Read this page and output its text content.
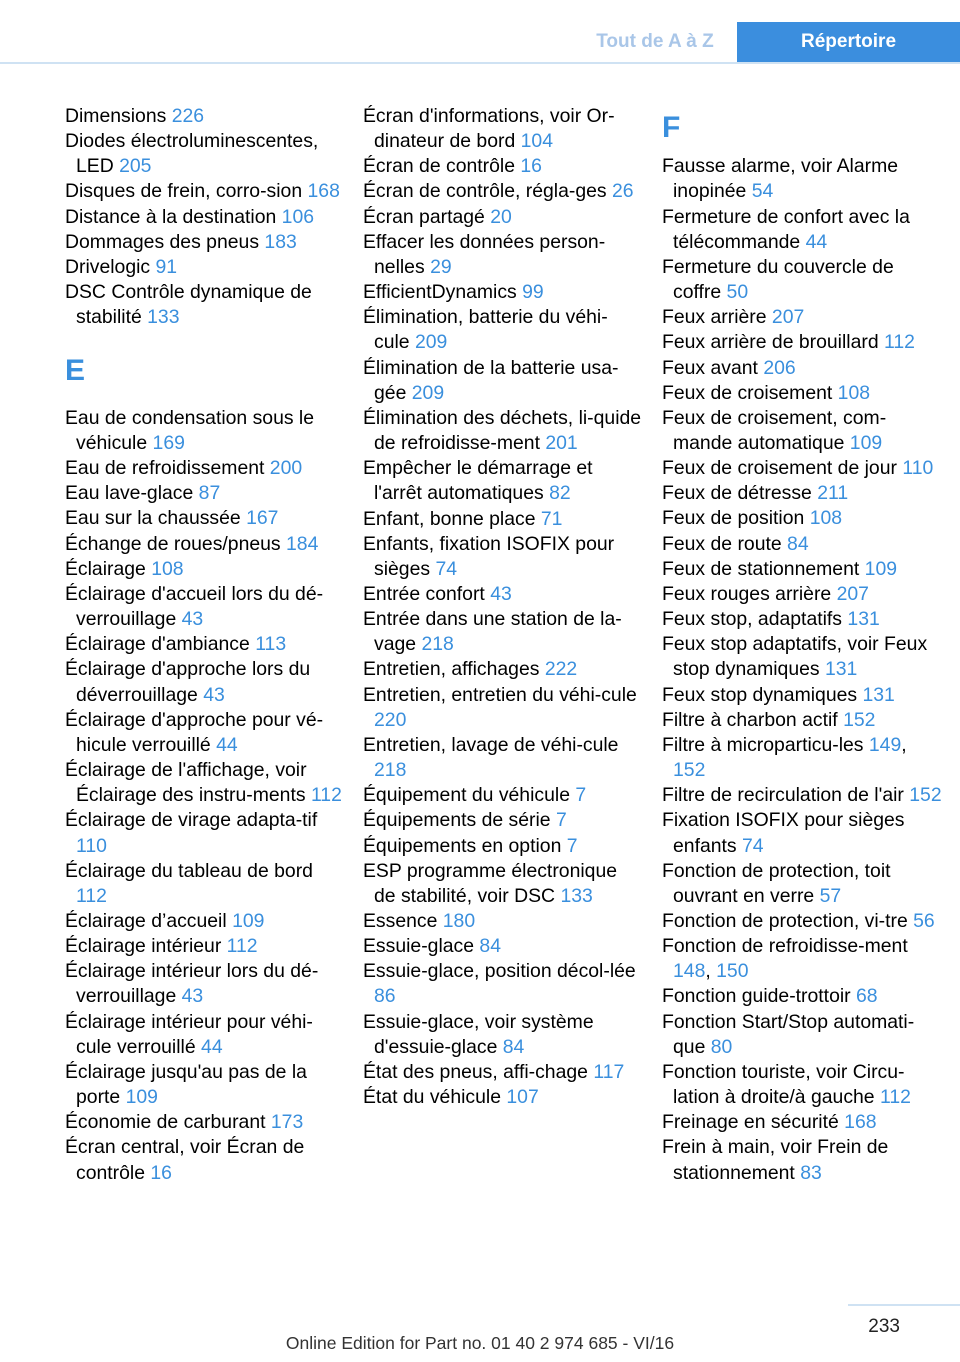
Tout de A à Z	Répertoire
Dimensions 226
Diodes électroluminescentes, LED 205
Disques de frein, corro-sion 168
Distance à la destination 106
Dommages des pneus 183
Drivelogic 91
DSC Contrôle dynamique de stabilité 133
E
Eau de condensation sous le véhicule 169
Eau de refroidissement 200
Eau lave-glace 87
Eau sur la chaussée 167
Échange de roues/pneus 184
Éclairage 108
Éclairage d'accueil lors du dé-verrouillage 43
Éclairage d'ambiance 113
Éclairage d'approche lors du déverrouillage 43
Éclairage d'approche pour vé-hicule verrouillé 44
Éclairage de l'affichage, voir Éclairage des instru-ments 112
Éclairage de virage adapta-tif 110
Éclairage du tableau de bord 112
Éclairage d’accueil 109
Éclairage intérieur 112
Éclairage intérieur lors du dé-verrouillage 43
Éclairage intérieur pour véhi-cule verrouillé 44
Éclairage jusqu'au pas de la porte 109
Économie de carburant 173
Écran central, voir Écran de contrôle 16
Écran d'informations, voir Or-dinateur de bord 104
Écran de contrôle 16
Écran de contrôle, régla-ges 26
Écran partagé 20
Effacer les données person-nelles 29
EfficientDynamics 99
Élimination, batterie du véhi-cule 209
Élimination de la batterie usa-gée 209
Élimination des déchets, li-quide de refroidisse-ment 201
Empêcher le démarrage et l'arrêt automatiques 82
Enfant, bonne place 71
Enfants, fixation ISOFIX pour sièges 74
Entrée confort 43
Entrée dans une station de la-vage 218
Entretien, affichages 222
Entretien, entretien du véhi-cule 220
Entretien, lavage de véhi-cule 218
Équipement du véhicule 7
Équipements de série 7
Équipements en option 7
ESP programme électronique de stabilité, voir DSC 133
Essence 180
Essuie-glace 84
Essuie-glace, position décol-lée 86
Essuie-glace, voir système d'essuie-glace 84
État des pneus, affi-chage 117
État du véhicule 107
F
Fausse alarme, voir Alarme inopinée 54
Fermeture de confort avec la télécommande 44
Fermeture du couvercle de coffre 50
Feux arrière 207
Feux arrière de brouillard 112
Feux avant 206
Feux de croisement 108
Feux de croisement, com-mande automatique 109
Feux de croisement de jour 110
Feux de détresse 211
Feux de position 108
Feux de route 84
Feux de stationnement 109
Feux rouges arrière 207
Feux stop, adaptatifs 131
Feux stop adaptatifs, voir Feux stop dynamiques 131
Feux stop dynamiques 131
Filtre à charbon actif 152
Filtre à microparticu-les 149, 152
Filtre de recirculation de l'air 152
Fixation ISOFIX pour sièges enfants 74
Fonction de protection, toit ouvrant en verre 57
Fonction de protection, vi-tre 56
Fonction de refroidisse-ment 148, 150
Fonction guide-trottoir 68
Fonction Start/Stop automati-que 80
Fonction touriste, voir Circu-lation à droite/à gauche 112
Freinage en sécurité 168
Frein à main, voir Frein de stationnement 83
233
Online Edition for Part no. 01 40 2 974 685 - VI/16
